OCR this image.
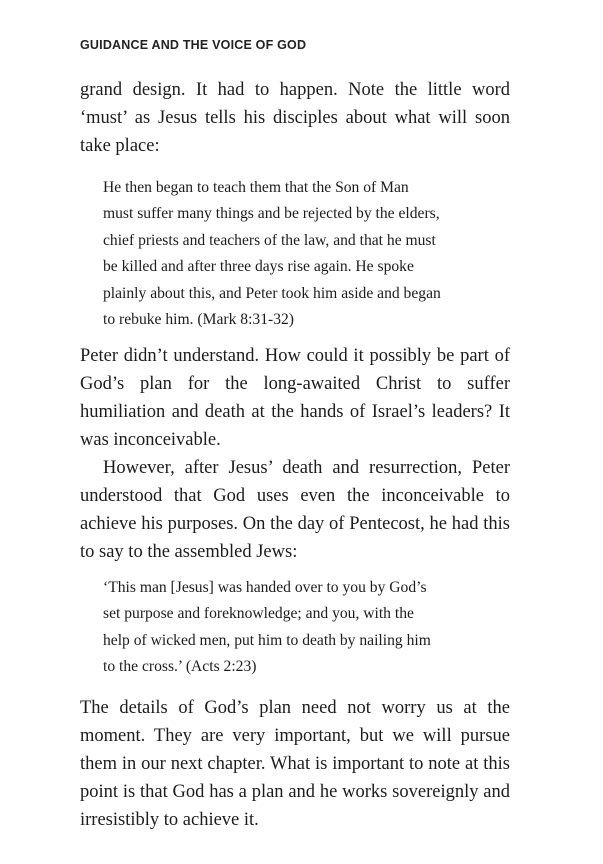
GUIDANCE AND THE VOICE OF GOD

grand design. It had to happen. Note the little word ‘must’ as Jesus tells his disciples about what will soon take place:

He then began to teach them that the Son of Man
must suffer many things and be rejected by the elders,
chief priests and teachers of the law, and that he must
be killed and after three days rise again. He spoke
plainly about this, and Peter took him aside and began
to rebuke him. (Mark 8:31-32)

Peter didn’t understand. How could it possibly be part of God’s plan for the long-awaited Christ to suffer humiliation and death at the hands of Israel’s leaders? It was inconceivable.

However, after Jesus’ death and resurrection, Peter understood that God uses even the inconceivable to achieve his purposes. On the day of Pentecost, he had this to say to the assembled Jews:

‘This man [Jesus] was handed over to you by God’s
set purpose and foreknowledge; and you, with the
help of wicked men, put him to death by nailing him
to the cross.’ (Acts 2:23)

The details of God’s plan need not worry us at the moment. They are very important, but we will pursue them in our next chapter. What is important to note at this point is that God has a plan and he works sovereignly and irresistibly to achieve it.
